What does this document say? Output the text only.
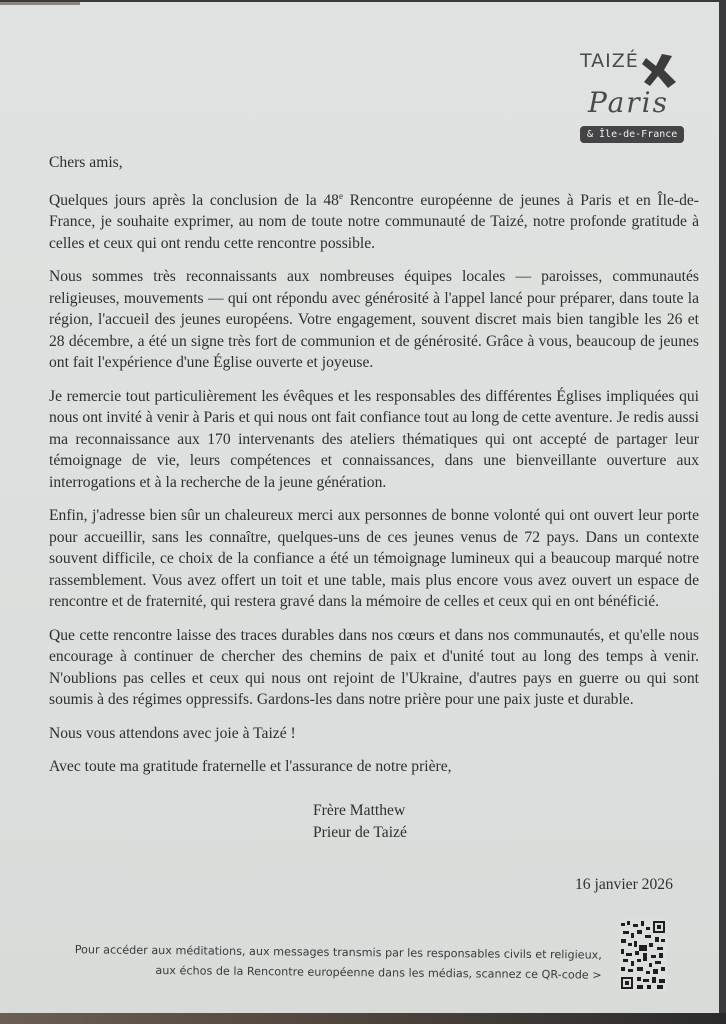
TAIZÉ
Paris
& Île-de-France

Chers amis,

Quelques jours après la conclusion de la 48e Rencontre européenne de jeunes à Paris et en Île-de-France, je souhaite exprimer, au nom de toute notre communauté de Taizé, notre profonde gratitude à celles et ceux qui ont rendu cette rencontre possible.

Nous sommes très reconnaissants aux nombreuses équipes locales — paroisses, communautés religieuses, mouvements — qui ont répondu avec générosité à l'appel lancé pour préparer, dans toute la région, l'accueil des jeunes européens. Votre engagement, souvent discret mais bien tangible les 26 et 28 décembre, a été un signe très fort de communion et de générosité. Grâce à vous, beaucoup de jeunes ont fait l'expérience d'une Église ouverte et joyeuse.

Je remercie tout particulièrement les évêques et les responsables des différentes Églises impliquées qui nous ont invité à venir à Paris et qui nous ont fait confiance tout au long de cette aventure. Je redis aussi ma reconnaissance aux 170 intervenants des ateliers thématiques qui ont accepté de partager leur témoignage de vie, leurs compétences et connaissances, dans une bienveillante ouverture aux interrogations et à la recherche de la jeune génération.

Enfin, j'adresse bien sûr un chaleureux merci aux personnes de bonne volonté qui ont ouvert leur porte pour accueillir, sans les connaître, quelques-uns de ces jeunes venus de 72 pays. Dans un contexte souvent difficile, ce choix de la confiance a été un témoignage lumineux qui a beaucoup marqué notre rassemblement. Vous avez offert un toit et une table, mais plus encore vous avez ouvert un espace de rencontre et de fraternité, qui restera gravé dans la mémoire de celles et ceux qui en ont bénéficié.

Que cette rencontre laisse des traces durables dans nos cœurs et dans nos communautés, et qu'elle nous encourage à continuer de chercher des chemins de paix et d'unité tout au long des temps à venir. N'oublions pas celles et ceux qui nous ont rejoint de l'Ukraine, d'autres pays en guerre ou qui sont soumis à des régimes oppressifs. Gardons-les dans notre prière pour une paix juste et durable.

Nous vous attendons avec joie à Taizé !

Avec toute ma gratitude fraternelle et l'assurance de notre prière,

Frère Matthew
Prieur de Taizé
16 janvier 2026
Pour accéder aux méditations, aux messages transmis par les responsables civils et religieux,
aux échos de la Rencontre européenne dans les médias, scannez ce QR-code >
